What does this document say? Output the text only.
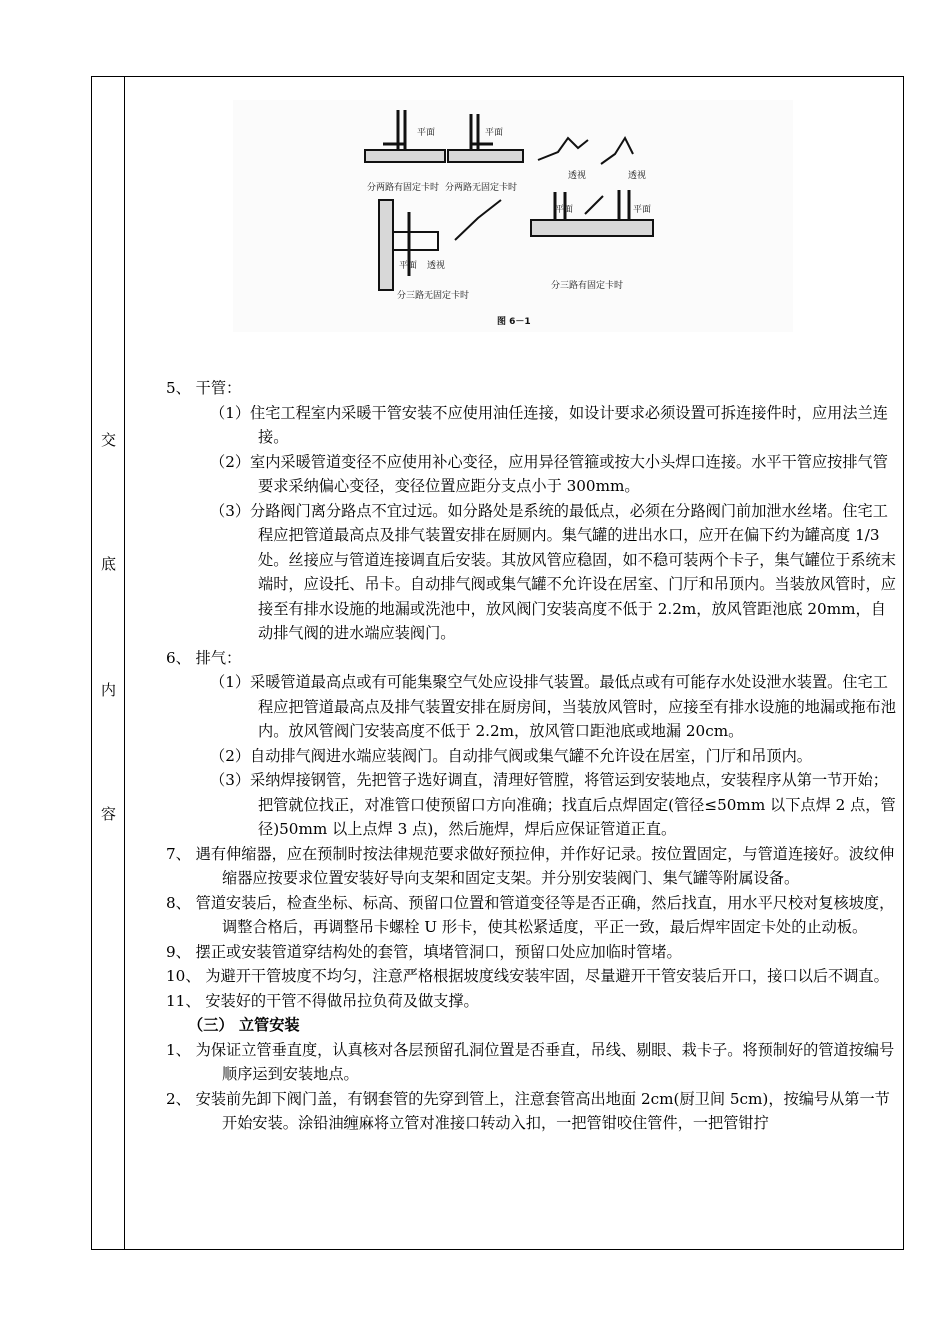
交
底
内
容
平面	平面
透视	透视
分两路有固定卡时 分两路无固定卡时
平面 透视
平面	平面
分三路无固定卡时
分三路有固定卡时
图 6－1
5、 干管：
（1）住宅工程室内采暖干管安装不应使用油任连接，如设计要求必须设置可拆连接件时，应用法兰连接。
（2）室内采暖管道变径不应使用补心变径，应用异径管箍或按大小头焊口连接。水平干管应按排气管要求采纳偏心变径，变径位置应距分支点小于 300mm。
（3）分路阀门离分路点不宜过远。如分路处是系统的最低点，必须在分路阀门前加泄水丝堵。住宅工程应把管道最高点及排气装置安排在厨厕内。集气罐的进出水口，应开在偏下约为罐高度 1/3 处。丝接应与管道连接调直后安装。其放风管应稳固，如不稳可装两个卡子，集气罐位于系统末端时，应设托、吊卡。自动排气阀或集气罐不允许设在居室、门厅和吊顶内。当装放风管时，应接至有排水设施的地漏或洗池中，放风阀门安装高度不低于 2.2m，放风管距池底 20mm，自动排气阀的进水端应装阀门。
6、 排气：
（1）采暖管道最高点或有可能集聚空气处应设排气装置。最低点或有可能存水处设泄水装置。住宅工程应把管道最高点及排气装置安排在厨房间，当装放风管时，应接至有排水设施的地漏或拖布池内。放风管阀门安装高度不低于 2.2m，放风管口距池底或地漏 20cm。
（2）自动排气阀进水端应装阀门。自动排气阀或集气罐不允许设在居室，门厅和吊顶内。
（3）采纳焊接钢管，先把管子选好调直，清理好管膛，将管运到安装地点，安装程序从第一节开始；把管就位找正，对准管口使预留口方向准确；找直后点焊固定(管径≤50mm 以下点焊 2 点，管径)50mm 以上点焊 3 点)，然后施焊，焊后应保证管道正直。
7、 遇有伸缩器，应在预制时按法律规范要求做好预拉伸，并作好记录。按位置固定，与管道连接好。波纹伸缩器应按要求位置安装好导向支架和固定支架。并分别安装阀门、集气罐等附属设备。
8、 管道安装后，检查坐标、标高、预留口位置和管道变径等是否正确，然后找直，用水平尺校对复核坡度，调整合格后，再调整吊卡螺栓 U 形卡，使其松紧适度，平正一致，最后焊牢固定卡处的止动板。
9、 摆正或安装管道穿结构处的套管，填堵管洞口，预留口处应加临时管堵。
10、 为避开干管坡度不均匀，注意严格根据坡度线安装牢固，尽量避开干管安装后开口，接口以后不调直。
11、 安装好的干管不得做吊拉负荷及做支撑。
（三） 立管安装
1、 为保证立管垂直度，认真核对各层预留孔洞位置是否垂直，吊线、剔眼、栽卡子。将预制好的管道按编号顺序运到安装地点。
2、 安装前先卸下阀门盖，有钢套管的先穿到管上，注意套管高出地面 2cm(厨卫间 5cm)，按编号从第一节开始安装。涂铅油缠麻将立管对准接口转动入扣，一把管钳咬住管件，一把管钳拧
